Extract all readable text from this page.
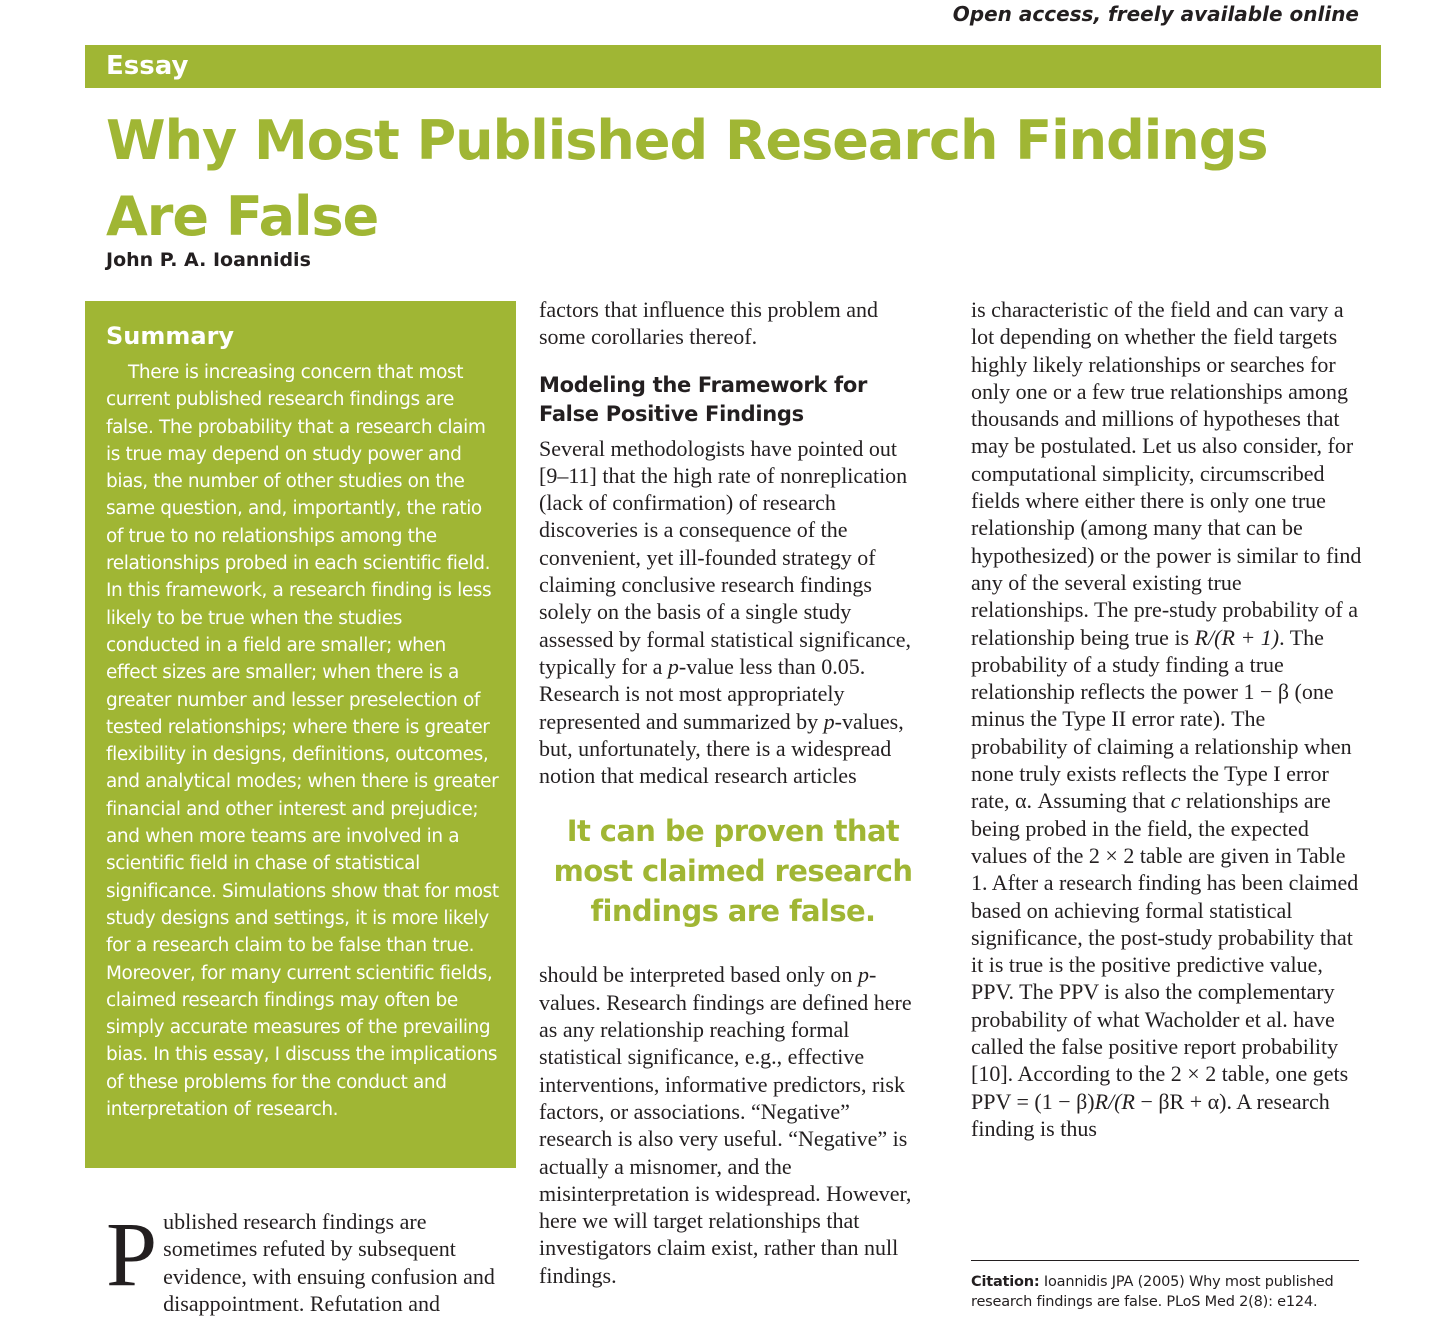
Open access, freely available online
Essay
Why Most Published Research Findings Are False
John P. A. Ioannidis
Summary

There is increasing concern that most current published research findings are false. The probability that a research claim is true may depend on study power and bias, the number of other studies on the same question, and, importantly, the ratio of true to no relationships among the relationships probed in each scientific field. In this framework, a research finding is less likely to be true when the studies conducted in a field are smaller; when effect sizes are smaller; when there is a greater number and lesser preselection of tested relationships; where there is greater flexibility in designs, definitions, outcomes, and analytical modes; when there is greater financial and other interest and prejudice; and when more teams are involved in a scientific field in chase of statistical significance. Simulations show that for most study designs and settings, it is more likely for a research claim to be false than true. Moreover, for many current scientific fields, claimed research findings may often be simply accurate measures of the prevailing bias. In this essay, I discuss the implications of these problems for the conduct and interpretation of research.

Published research findings are sometimes refuted by subsequent evidence, with ensuing confusion and disappointment. Refutation and

factors that influence this problem and some corollaries thereof.

Modeling the Framework for False Positive Findings

Several methodologists have pointed out [9–11] that the high rate of nonreplication (lack of confirmation) of research discoveries is a consequence of the convenient, yet ill-founded strategy of claiming conclusive research findings solely on the basis of a single study assessed by formal statistical significance, typically for a p-value less than 0.05. Research is not most appropriately represented and summarized by p-values, but, unfortunately, there is a widespread notion that medical research articles

It can be proven that most claimed research findings are false.

should be interpreted based only on p-values. Research findings are defined here as any relationship reaching formal statistical significance, e.g., effective interventions, informative predictors, risk factors, or associations. “Negative” research is also very useful. “Negative” is actually a misnomer, and the misinterpretation is widespread. However, here we will target relationships that investigators claim exist, rather than null findings.

is characteristic of the field and can vary a lot depending on whether the field targets highly likely relationships or searches for only one or a few true relationships among thousands and millions of hypotheses that may be postulated. Let us also consider, for computational simplicity, circumscribed fields where either there is only one true relationship (among many that can be hypothesized) or the power is similar to find any of the several existing true relationships. The pre-study probability of a relationship being true is R/(R + 1). The probability of a study finding a true relationship reflects the power 1 − β (one minus the Type II error rate). The probability of claiming a relationship when none truly exists reflects the Type I error rate, α. Assuming that c relationships are being probed in the field, the expected values of the 2 × 2 table are given in Table 1. After a research finding has been claimed based on achieving formal statistical significance, the post-study probability that it is true is the positive predictive value, PPV. The PPV is also the complementary probability of what Wacholder et al. have called the false positive report probability [10]. According to the 2 × 2 table, one gets PPV = (1 − β)R/(R − βR + α). A research finding is thus

Citation: Ioannidis JPA (2005) Why most published research findings are false. PLoS Med 2(8): e124.
